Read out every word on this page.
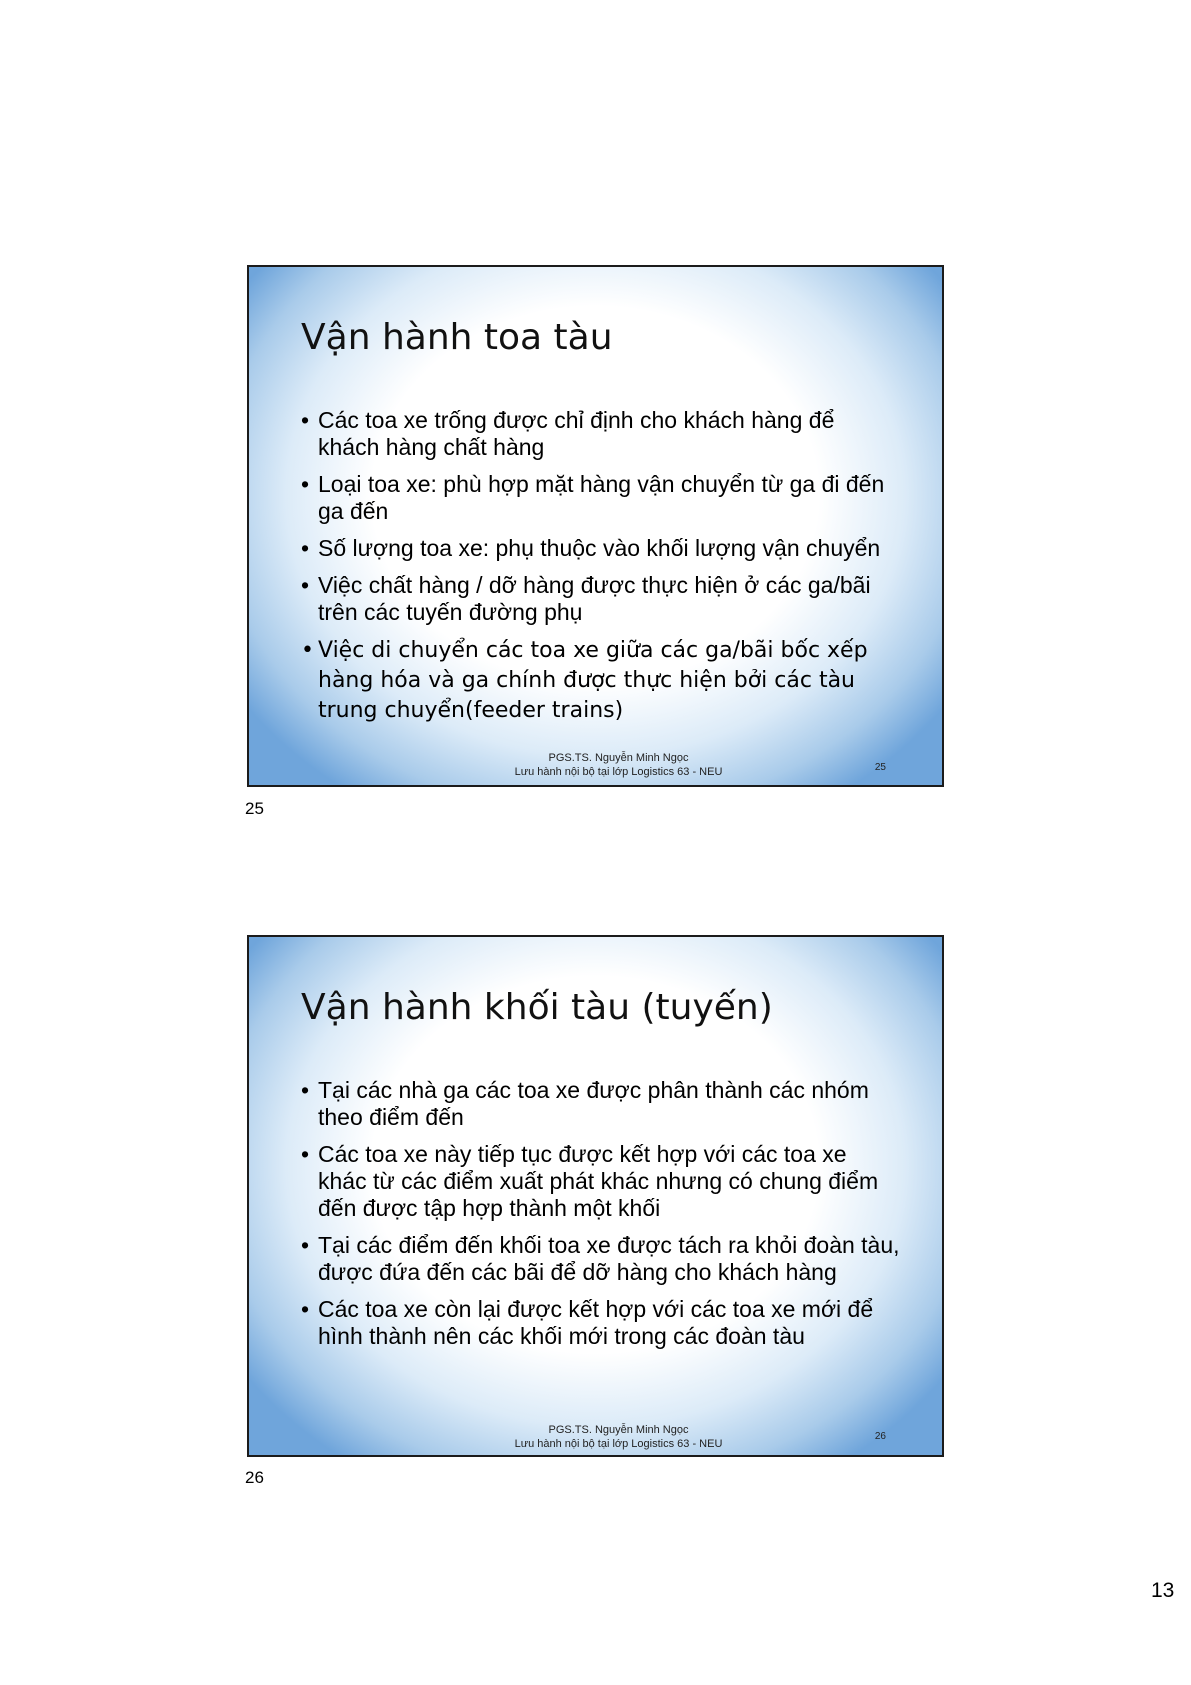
Vận hành toa tàu
• Các toa xe trống được chỉ định cho khách hàng để khách hàng chất hàng
• Loại toa xe: phù hợp mặt hàng vận chuyển từ ga đi đến ga đến
• Số lượng toa xe: phụ thuộc vào khối lượng vận chuyển
• Việc chất hàng / dỡ hàng được thực hiện ở các ga/bãi trên các tuyến đường phụ
• Việc di chuyển các toa xe giữa các ga/bãi bốc xếp hàng hóa và ga chính được thực hiện bởi các tàu trung chuyển(feeder trains)
PGS.TS. Nguyễn Minh Ngọc
Lưu hành nội bộ tại lớp Logistics 63 - NEU	25
25
Vận hành khối tàu (tuyến)
• Tại các nhà ga các toa xe được phân thành các nhóm theo điểm đến
• Các toa xe này tiếp tục được kết hợp với các toa xe khác từ các điểm xuất phát khác nhưng có chung điểm đến được tập hợp thành một khối
• Tại các điểm đến khối toa xe được tách ra khỏi đoàn tàu, được đứa đến các bãi để dỡ hàng cho khách hàng
• Các toa xe còn lại được kết hợp với các toa xe mới để hình thành nên các khối mới trong các đoàn tàu
PGS.TS. Nguyễn Minh Ngọc
Lưu hành nội bộ tại lớp Logistics 63 - NEU
26
26
13
